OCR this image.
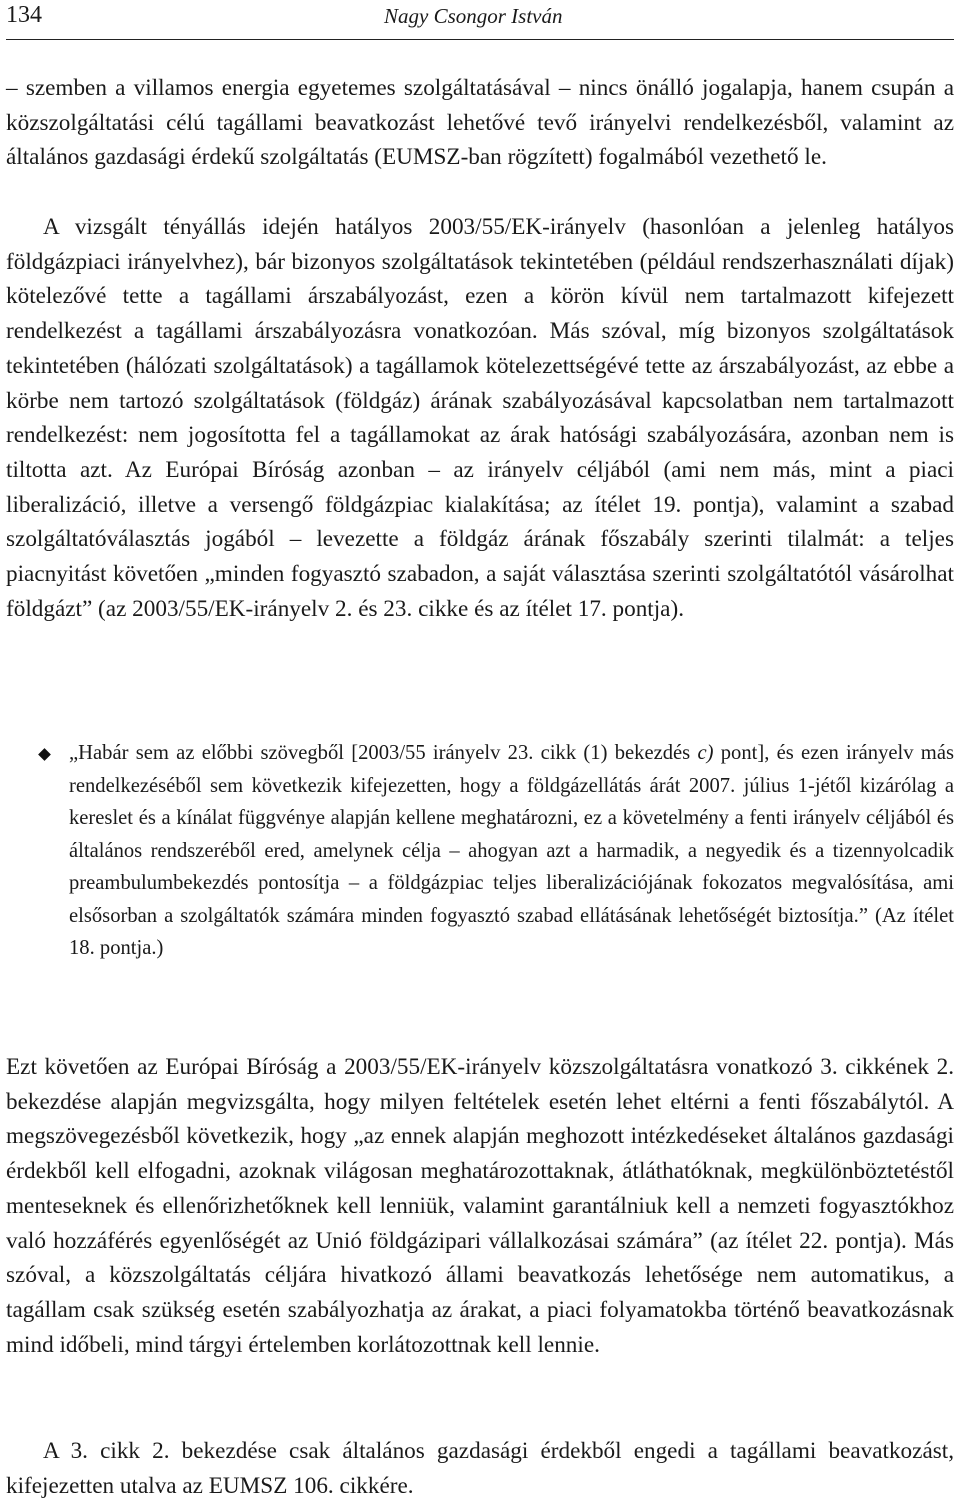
134	Nagy Csongor István

– szemben a villamos energia egyetemes szolgáltatásával – nincs önálló jogalapja, hanem csupán a közszolgáltatási célú tagállami beavatkozást lehetővé tevő irányelvi rendelkezésből, valamint az általános gazdasági érdekű szolgáltatás (EUMSZ-ban rögzített) fogalmából vezethető le.

A vizsgált tényállás idején hatályos 2003/55/EK-irányelv (hasonlóan a jelenleg hatályos földgázpiaci irányelvhez), bár bizonyos szolgáltatások tekintetében (például rendszerhasználati díjak) kötelezővé tette a tagállami árszabályozást, ezen a körön kívül nem tartalmazott kifejezett rendelkezést a tagállami árszabályozásra vonatkozóan. Más szóval, míg bizonyos szolgáltatások tekintetében (hálózati szolgáltatások) a tagállamok kötelezettségévé tette az árszabályozást, az ebbe a körbe nem tartozó szolgáltatások (földgáz) árának szabályozásával kapcsolatban nem tartalmazott rendelkezést: nem jogosította fel a tagállamokat az árak hatósági szabályozására, azonban nem is tiltotta azt. Az Európai Bíróság azonban – az irányelv céljából (ami nem más, mint a piaci liberalizáció, illetve a versengő földgázpiac kialakítása; az ítélet 19. pontja), valamint a szabad szolgáltatóválasztás jogából – levezette a földgáz árának főszabály szerinti tilalmát: a teljes piacnyitást követően „minden fogyasztó szabadon, a saját választása szerinti szolgáltatótól vásárolhat földgázt” (az 2003/55/EK-irányelv 2. és 23. cikke és az ítélet 17. pontja).

„Habár sem az előbbi szövegből [2003/55 irányelv 23. cikk (1) bekezdés c) pont], és ezen irányelv más rendelkezéséből sem következik kifejezetten, hogy a földgázellátás árát 2007. július 1-jétől kizárólag a kereslet és a kínálat függvénye alapján kellene meghatározni, ez a követelmény a fenti irányelv céljából és általános rendszeréből ered, amelynek célja – ahogyan azt a harmadik, a negyedik és a tizennyolcadik preambulumbekezdés pontosítja – a földgázpiac teljes liberalizációjának fokozatos megvalósítása, ami elsősorban a szolgáltatók számára minden fogyasztó szabad ellátásának lehetőségét biztosítja.” (Az ítélet 18. pontja.)

Ezt követően az Európai Bíróság a 2003/55/EK-irányelv közszolgáltatásra vonatkozó 3. cikkének 2. bekezdése alapján megvizsgálta, hogy milyen feltételek esetén lehet eltérni a fenti főszabálytól. A megszövegezésből következik, hogy „az ennek alapján meghozott intézkedéseket általános gazdasági érdekből kell elfogadni, azoknak világosan meghatározottaknak, átláthatóknak, megkülönböztetéstől menteseknek és ellenőrizhetőknek kell lenniük, valamint garantálniuk kell a nemzeti fogyasztókhoz való hozzáférés egyenlőségét az Unió földgázipari vállalkozásai számára” (az ítélet 22. pontja). Más szóval, a közszolgáltatás céljára hivatkozó állami beavatkozás lehetősége nem automatikus, a tagállam csak szükség esetén szabályozhatja az árakat, a piaci folyamatokba történő beavatkozásnak mind időbeli, mind tárgyi értelemben korlátozottnak kell lennie.

A 3. cikk 2. bekezdése csak általános gazdasági érdekből engedi a tagállami beavatkozást, kifejezetten utalva az EUMSZ 106. cikkére.
